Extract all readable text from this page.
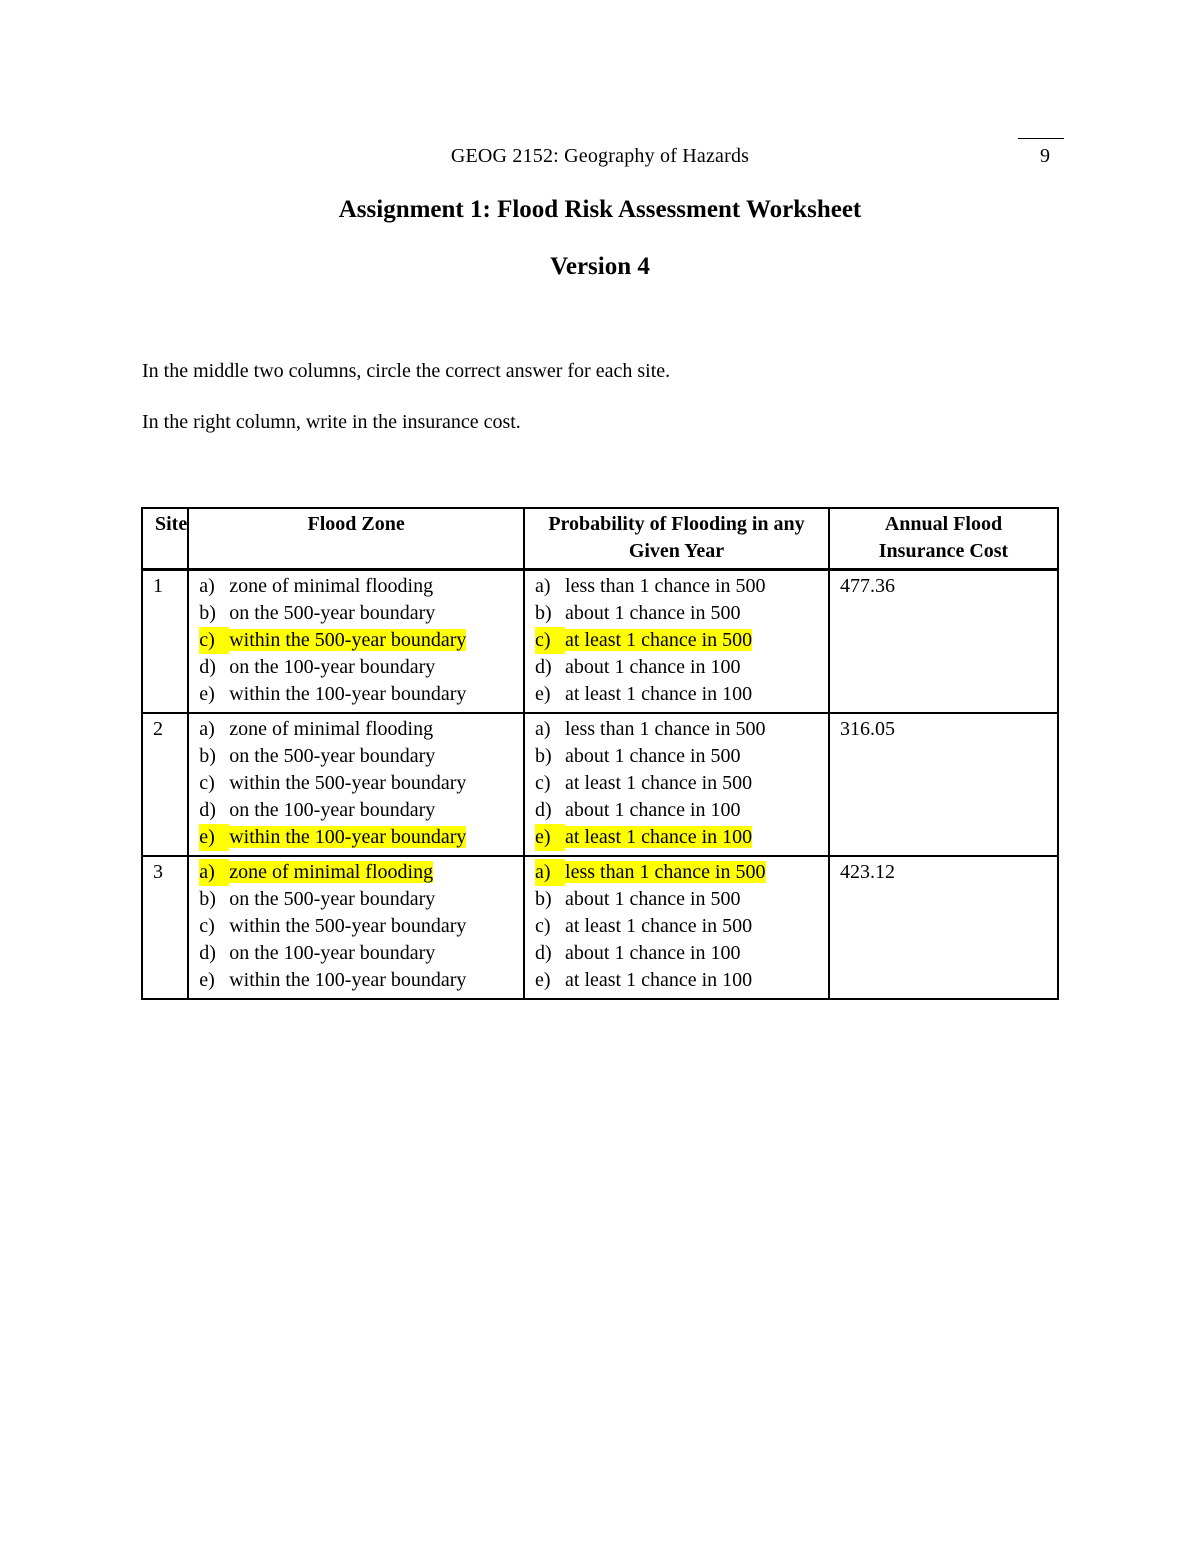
GEOG 2152: Geography of Hazards	9
Assignment 1: Flood Risk Assessment Worksheet
Version 4
In the middle two columns, circle the correct answer for each site.
In the right column, write in the insurance cost.
Site	Flood Zone	Probability of Flooding in any Given Year	Annual Flood Insurance Cost
1	a) zone of minimal flooding
b) on the 500-year boundary
c) within the 500-year boundary
d) on the 100-year boundary
e) within the 100-year boundary	a) less than 1 chance in 500
b) about 1 chance in 500
c) at least 1 chance in 500
d) about 1 chance in 100
e) at least 1 chance in 100	477.36
2	a) zone of minimal flooding
b) on the 500-year boundary
c) within the 500-year boundary
d) on the 100-year boundary
e) within the 100-year boundary	a) less than 1 chance in 500
b) about 1 chance in 500
c) at least 1 chance in 500
d) about 1 chance in 100
e) at least 1 chance in 100	316.05
3	a) zone of minimal flooding
b) on the 500-year boundary
c) within the 500-year boundary
d) on the 100-year boundary
e) within the 100-year boundary	a) less than 1 chance in 500
b) about 1 chance in 500
c) at least 1 chance in 500
d) about 1 chance in 100
e) at least 1 chance in 100	423.12
